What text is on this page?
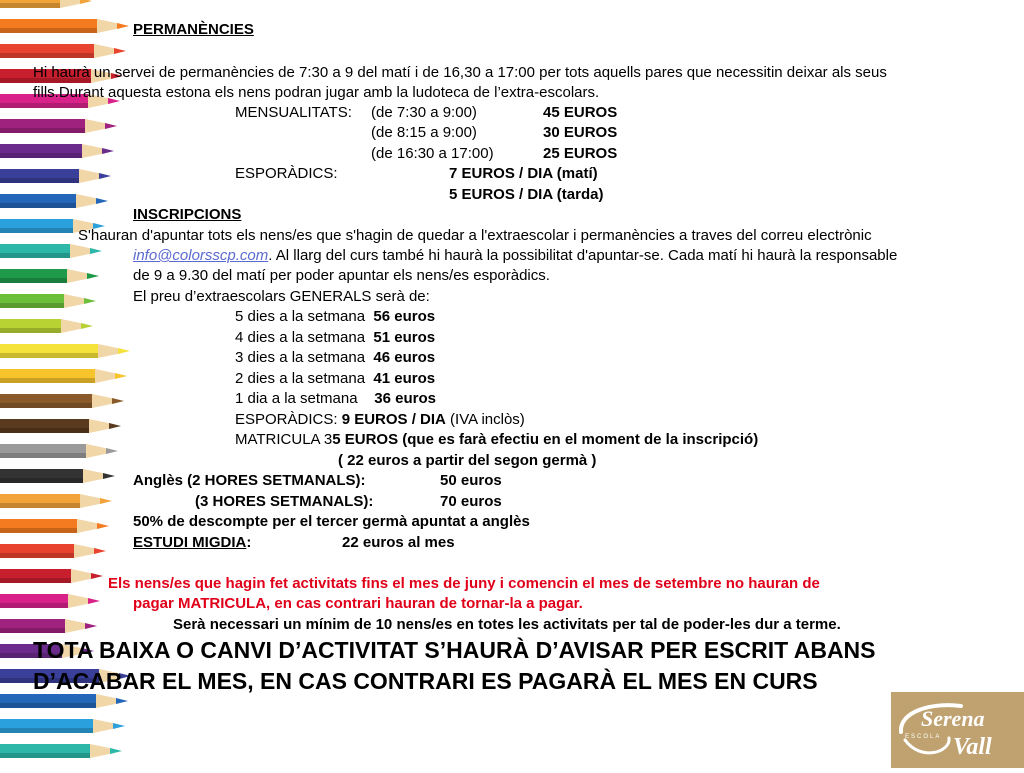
PERMANÈNCIES
Hi haurà un servei de permanències de 7:30 a 9 del matí i de 16,30 a 17:00 per tots aquells pares que necessitin deixar als seus
fills.Durant aquesta estona els nens podran jugar amb la ludoteca de l’extra-escolars.
MENSUALITATS: (de 7:30 a 9:00)	45 EUROS
(de 8:15 a 9:00)	30 EUROS
(de 16:30 a 17:00)	25 EUROS
ESPORÀDICS:	7 EUROS / DIA (matí)
5 EUROS / DIA (tarda)
INSCRIPCIONS
S'hauran d'apuntar tots els nens/es que s'hagin de quedar a l'extraescolar i permanències a traves del correu electrònic
info@colorsscp.com. Al llarg del curs també hi haurà la possibilitat d'apuntar-se. Cada matí hi haurà la responsable
de 9 a 9.30 del matí per poder apuntar els nens/es esporàdics.
El preu d’extraescolars GENERALS serà de:
5 dies a la setmana  56 euros
4 dies a la setmana  51 euros
3 dies a la setmana  46 euros
2 dies a la setmana  41 euros
1 dia a la setmana    36 euros
ESPORÀDICS: 9 EUROS / DIA (IVA inclòs)
MATRICULA 35 EUROS (que es farà efectiu en el moment de la inscripció)
( 22 euros a partir del segon germà )
Anglès (2 HORES SETMANALS):	50 euros
(3 HORES SETMANALS):	70 euros
50% de descompte per el tercer germà apuntat a anglès
ESTUDI MIGDIA:	22 euros al mes
Els nens/es que hagin fet activitats fins el mes de juny i comencin el mes de setembre no hauran de
pagar MATRICULA, en cas contrari hauran de tornar-la a pagar.
Serà necessari un mínim de 10 nens/es en totes les activitats per tal de poder-les dur a terme.
TOTA BAIXA O CANVI D’ACTIVITAT S’HAURÀ D’AVISAR PER ESCRIT ABANS
D’ACABAR EL MES, EN CAS CONTRARI ES PAGARÀ EL MES EN CURS
Serena
Vall
ESCOLA
